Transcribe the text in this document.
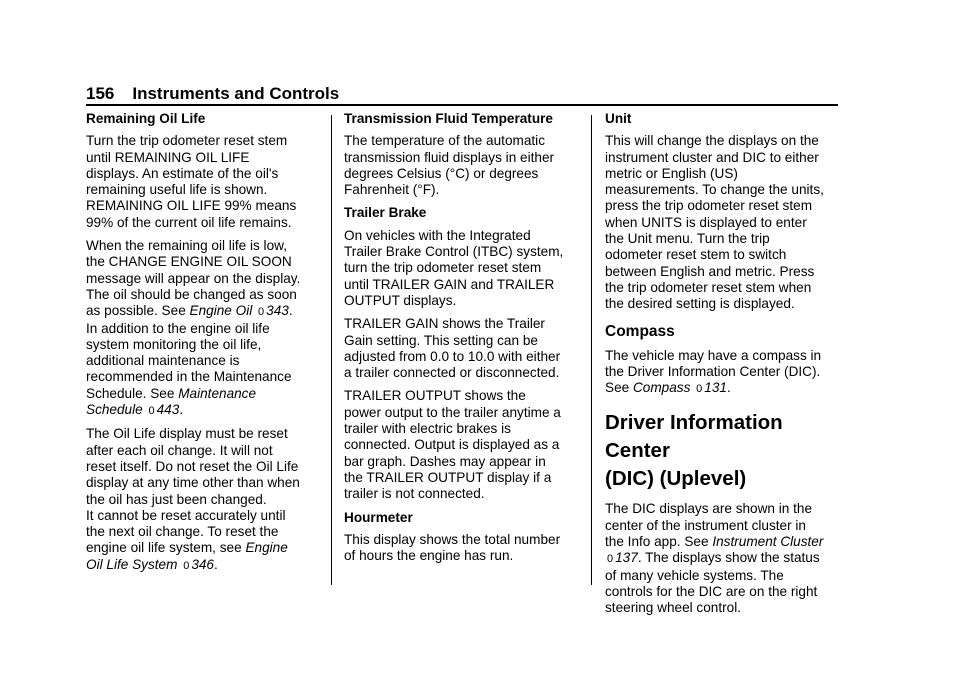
156 Instruments and Controls
Remaining Oil Life

Turn the trip odometer reset stem
until REMAINING OIL LIFE
displays. An estimate of the oil's
remaining useful life is shown.
REMAINING OIL LIFE 99% means
99% of the current oil life remains.

When the remaining oil life is low,
the CHANGE ENGINE OIL SOON
message will appear on the display.
The oil should be changed as soon
as possible. See Engine Oil 0 343.
In addition to the engine oil life
system monitoring the oil life,
additional maintenance is
recommended in the Maintenance
Schedule. See Maintenance
Schedule 0 443.

The Oil Life display must be reset
after each oil change. It will not
reset itself. Do not reset the Oil Life
display at any time other than when
the oil has just been changed.
It cannot be reset accurately until
the next oil change. To reset the
engine oil life system, see Engine
Oil Life System 0 346.

Transmission Fluid Temperature

The temperature of the automatic
transmission fluid displays in either
degrees Celsius (°C) or degrees
Fahrenheit (°F).

Trailer Brake

On vehicles with the Integrated
Trailer Brake Control (ITBC) system,
turn the trip odometer reset stem
until TRAILER GAIN and TRAILER
OUTPUT displays.

TRAILER GAIN shows the Trailer
Gain setting. This setting can be
adjusted from 0.0 to 10.0 with either
a trailer connected or disconnected.

TRAILER OUTPUT shows the
power output to the trailer anytime a
trailer with electric brakes is
connected. Output is displayed as a
bar graph. Dashes may appear in
the TRAILER OUTPUT display if a
trailer is not connected.

Hourmeter

This display shows the total number
of hours the engine has run.

Unit

This will change the displays on the
instrument cluster and DIC to either
metric or English (US)
measurements. To change the units,
press the trip odometer reset stem
when UNITS is displayed to enter
the Unit menu. Turn the trip
odometer reset stem to switch
between English and metric. Press
the trip odometer reset stem when
the desired setting is displayed.

Compass

The vehicle may have a compass in
the Driver Information Center (DIC).
See Compass 0 131.

Driver Information Center
(DIC) (Uplevel)

The DIC displays are shown in the
center of the instrument cluster in
the Info app. See Instrument Cluster
0 137. The displays show the status
of many vehicle systems. The
controls for the DIC are on the right
steering wheel control.
